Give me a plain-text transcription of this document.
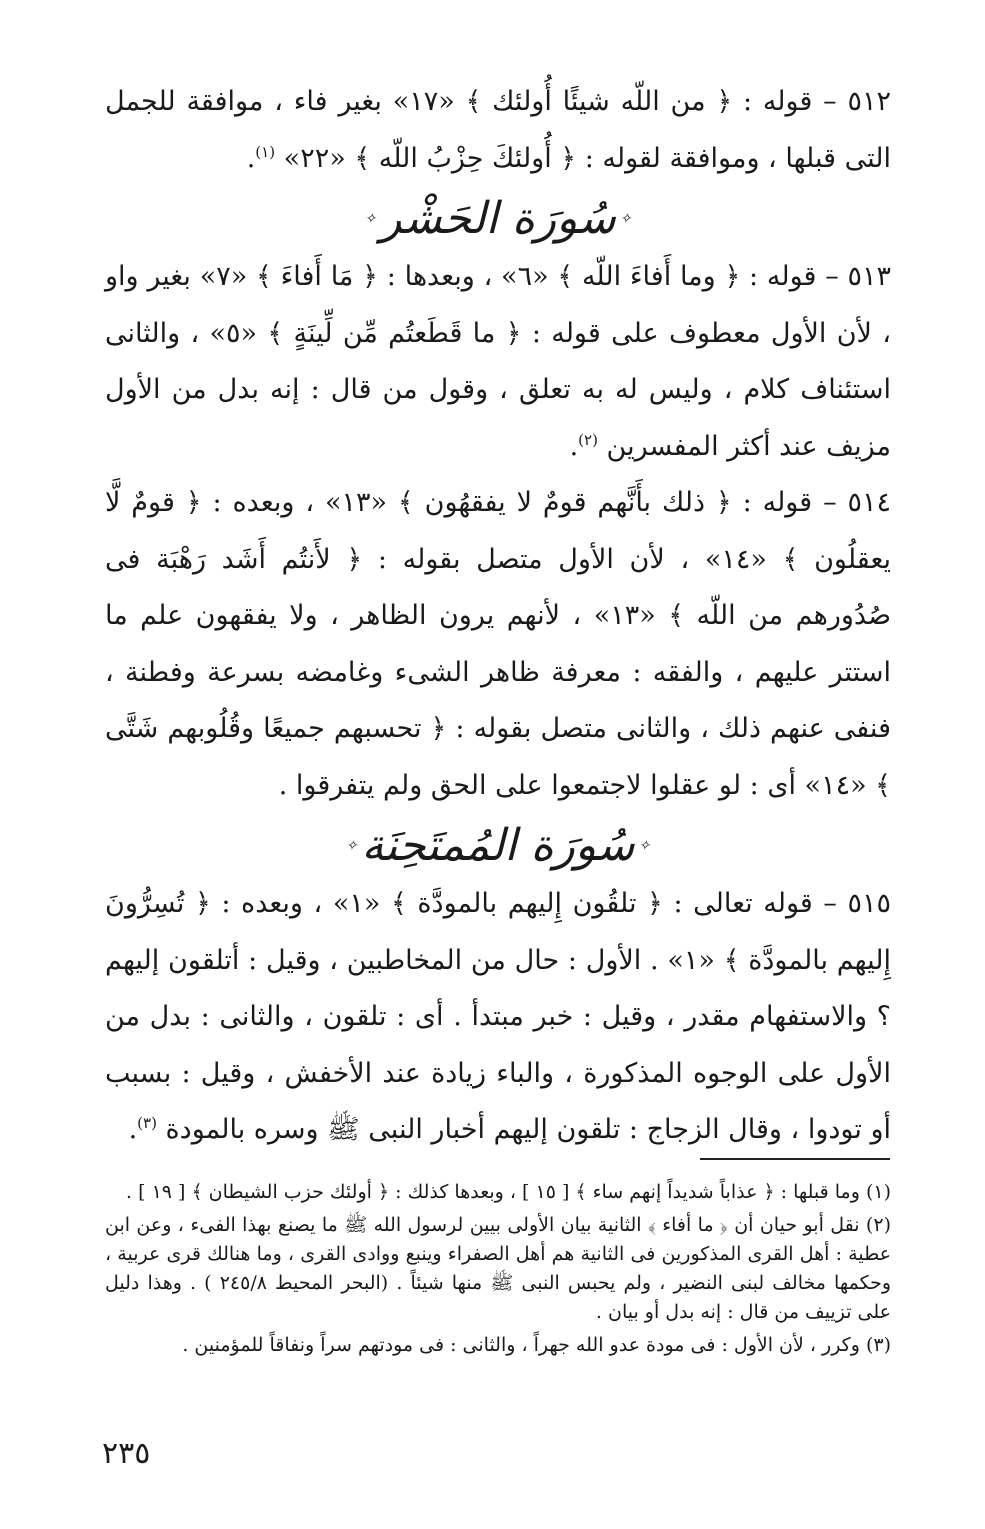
٥١٢ – قوله : ﴿ من اللّه شيئًا أُولئك ﴾ «١٧» بغير فاء ، موافقة للجمل التى قبلها ، وموافقة لقوله : ﴿ أُولئكَ حِزْبُ اللّه ﴾ «٢٢» $^{(١)}$.

✧سُورَة الحَشْر✧

٥١٣ – قوله : ﴿ وما أَفاءَ اللّه ﴾ «٦» ، وبعدها : ﴿ مَا أَفاءَ ﴾ «٧» بغير واو ، لأن الأول معطوف على قوله : ﴿ ما قَطَعتُم مِّن لِّينَةٍ ﴾ «٥» ، والثانى استئناف كلام ، وليس له به تعلق ، وقول من قال : إنه بدل من الأول مزيف عند أكثر المفسرين $^{(٢)}$.

٥١٤ – قوله : ﴿ ذلك بأَنَّهم قومٌ لا يفقهُون ﴾ «١٣» ، وبعده : ﴿ قومٌ لَّا يعقلُون ﴾ «١٤» ، لأن الأول متصل بقوله : ﴿ لأَنتُم أَشَد رَهْبَة فى صُدُورهم من اللّه ﴾ «١٣» ، لأنهم يرون الظاهر ، ولا يفقهون علم ما استتر عليهم ، والفقه : معرفة ظاهر الشىء وغامضه بسرعة وفطنة ، فنفى عنهم ذلك ، والثانى متصل بقوله : ﴿ تحسبهم جميعًا وقُلُوبهم شَتَّى ﴾ «١٤» أى : لو عقلوا لاجتمعوا على الحق ولم يتفرقوا .

✧سُورَة المُمتَحِنَة✧

٥١٥ – قوله تعالى : ﴿ تلقُون إِليهم بالمودَّة ﴾ «١» ، وبعده : ﴿ تُسِرُّونَ إِليهم بالمودَّة ﴾ «١» . الأول : حال من المخاطبين ، وقيل : أتلقون إليهم ؟ والاستفهام مقدر ، وقيل : خبر مبتدأ . أى : تلقون ، والثانى : بدل من الأول على الوجوه المذكورة ، والباء زيادة عند الأخفش ، وقيل : بسبب أو تودوا ، وقال الزجاج : تلقون إليهم أخبار النبى ﷺ وسره بالمودة $^{(٣)}$.

(١) وما قبلها : ﴿ عذاباً شديداً إنهم ساء ﴾ [ ١٥ ] ، وبعدها كذلك : ﴿ أولئك حزب الشيطان ﴾ [ ١٩ ] .

(٢) نقل أبو حيان أن ﴿ ما أفاء ﴾ الثانية بيان الأولى بيين لرسول الله ﷺ ما يصنع بهذا الفىء ، وعن ابن عطية : أهل القرى المذكورين فى الثانية هم أهل الصفراء وينبع ووادى القرى ، وما هنالك قرى عربية ، وحكمها مخالف لبنى النضير ، ولم يحبس النبى ﷺ منها شيئاً . (البحر المحيط ٢٤٥/٨ ) . وهذا دليل على تزييف من قال : إنه بدل أو بيان .

(٣) وكرر ، لأن الأول : فى مودة عدو الله جهراً ، والثانى : فى مودتهم سراً ونفاقاً للمؤمنين .

٢٣٥
